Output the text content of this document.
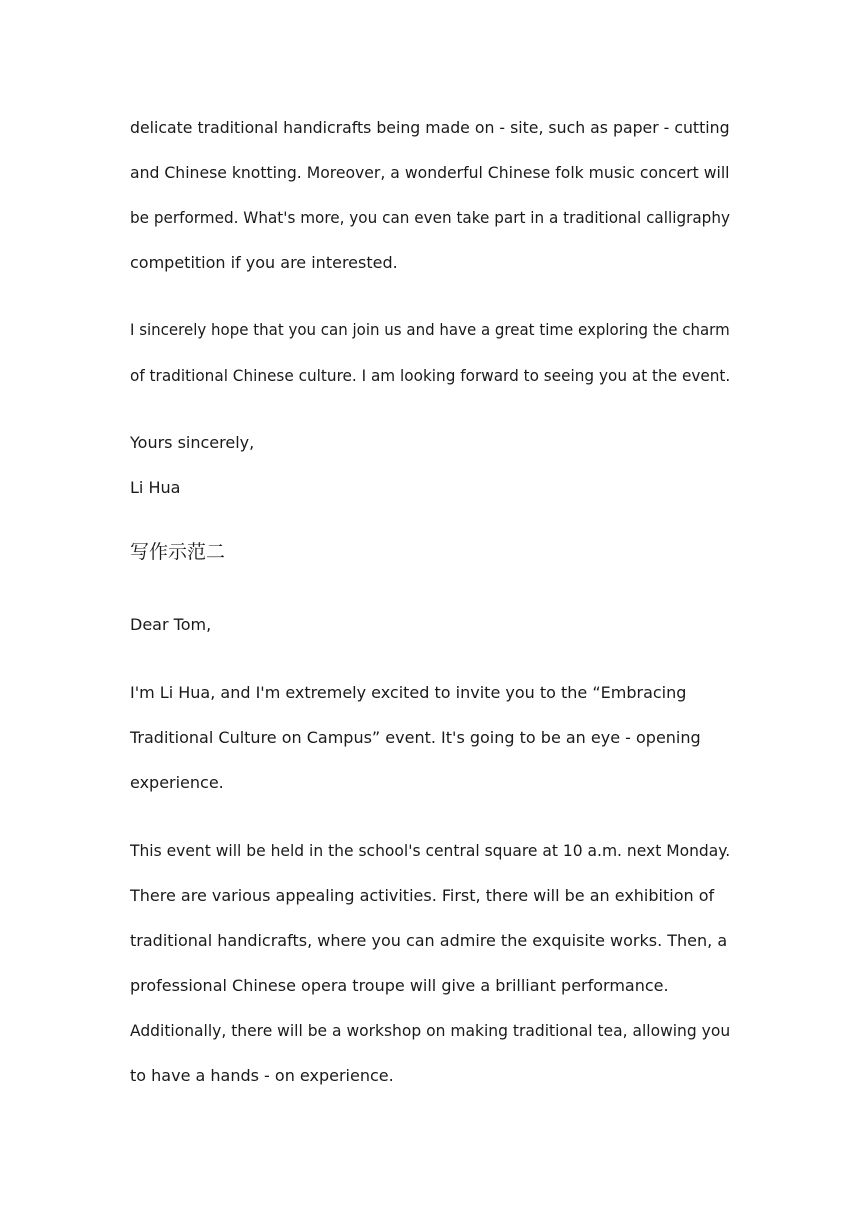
delicate traditional handicrafts being made on - site, such as paper - cutting

and Chinese knotting. Moreover, a wonderful Chinese folk music concert will

be performed. What's more, you can even take part in a traditional calligraphy

competition if you are interested.

I sincerely hope that you can join us and have a great time exploring the charm

of traditional Chinese culture. I am looking forward to seeing you at the event.

Yours sincerely,

Li Hua

写作示范二

Dear Tom,

I'm Li Hua, and I'm extremely excited to invite you to the “Embracing

Traditional Culture on Campus” event. It's going to be an eye - opening

experience.

This event will be held in the school's central square at 10 a.m. next Monday.

There are various appealing activities. First, there will be an exhibition of

traditional handicrafts, where you can admire the exquisite works. Then, a

professional Chinese opera troupe will give a brilliant performance.

Additionally, there will be a workshop on making traditional tea, allowing you

to have a hands - on experience.
